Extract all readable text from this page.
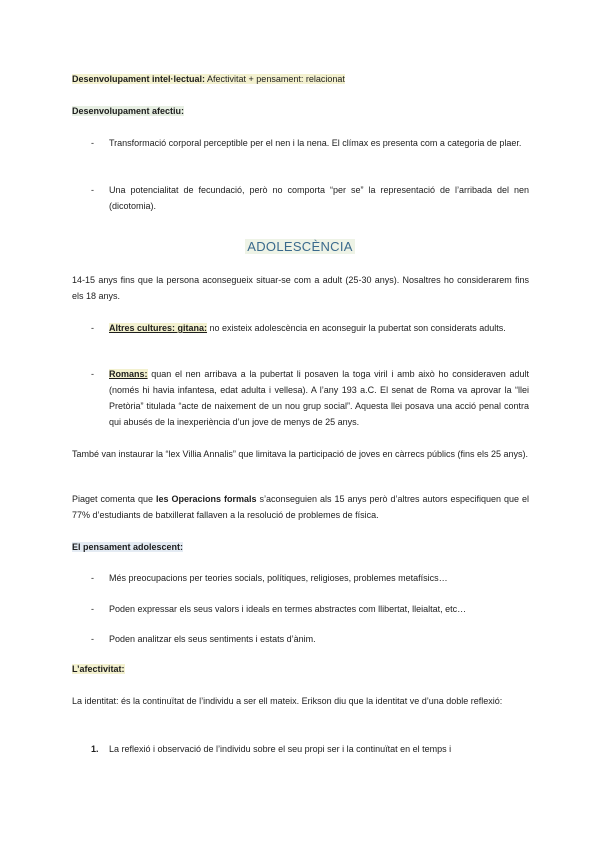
Desenvolupament intel·lectual: Afectivitat + pensament: relacionat
Desenvolupament afectiu:
- Transformació corporal perceptible per el nen i la nena. El clímax es presenta com a categoria de plaer.
- Una potencialitat de fecundació, però no comporta “per se” la representació de l’arribada del nen (dicotomia).
ADOLESCÈNCIA
14-15 anys fins que la persona aconsegueix situar-se com a adult (25-30 anys). Nosaltres ho considerarem fins els 18 anys.
- Altres cultures: gitana: no existeix adolescència en aconseguir la pubertat son considerats adults.
- Romans: quan el nen arribava a la pubertat li posaven la toga viril i amb això ho consideraven adult (només hi havia infantesa, edat adulta i vellesa). A l’any 193 a.C. El senat de Roma va aprovar la “llei Pretòria” titulada “acte de naixement de un nou grup social”. Aquesta llei posava una acció penal contra qui abusés de la inexperiència d’un jove de menys de 25 anys.
També van instaurar la “lex Villia Annalis” que limitava la participació de joves en càrrecs públics (fins els 25 anys).
Piaget comenta que les Operacions formals s’aconseguien als 15 anys però d’altres autors especifiquen que el 77% d’estudiants de batxillerat fallaven a la resolució de problemes de física.
El pensament adolescent:
- Més preocupacions per teories socials, polítiques, religioses, problemes metafísics…
- Poden expressar els seus valors i ideals en termes abstractes com llibertat, lleialtat, etc…
- Poden analitzar els seus sentiments i estats d’ànim.
L’afectivitat:
La identitat: és la continuïtat de l’individu a ser ell mateix. Erikson diu que la identitat ve d’una doble reflexió:
1. La reflexió i observació de l’individu sobre el seu propi ser i la continuïtat en el temps i
